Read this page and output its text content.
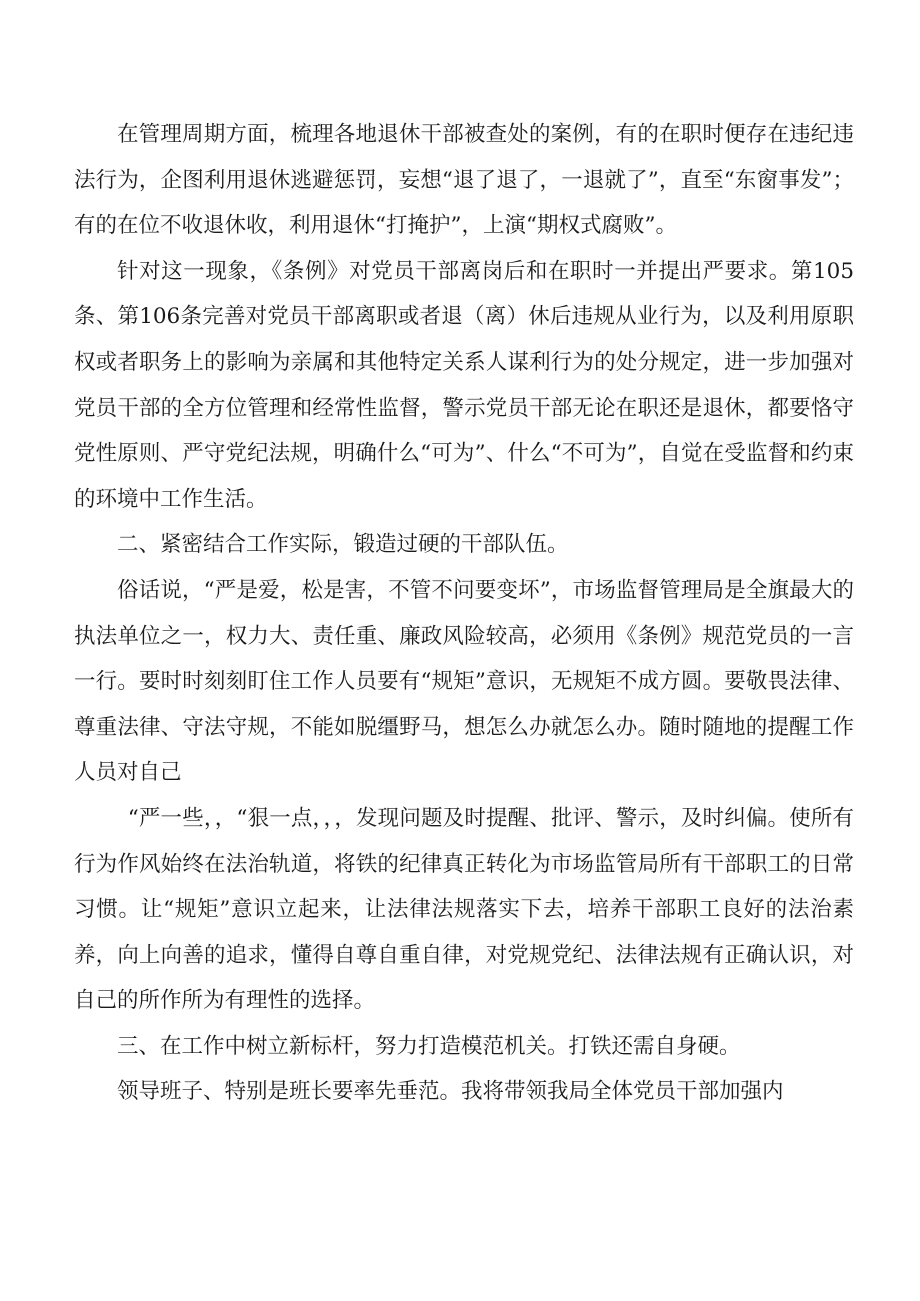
在管理周期方面，梳理各地退休干部被查处的案例，有的在职时便存在违纪违法行为，企图利用退休逃避惩罚，妄想“退了退了，一退就了”，直至“东窗事发”；有的在位不收退休收，利用退休“打掩护”，上演“期权式腐败”。

针对这一现象，《条例》对党员干部离岗后和在职时一并提出严要求。第105条、第106条完善对党员干部离职或者退（离）休后违规从业行为，以及利用原职权或者职务上的影响为亲属和其他特定关系人谋利行为的处分规定，进一步加强对党员干部的全方位管理和经常性监督，警示党员干部无论在职还是退休，都要恪守党性原则、严守党纪法规，明确什么“可为”、什么“不可为”，自觉在受监督和约束的环境中工作生活。

二、紧密结合工作实际，锻造过硬的干部队伍。

俗话说，“严是爱，松是害，不管不问要变坏”，市场监督管理局是全旗最大的执法单位之一，权力大、责任重、廉政风险较高，必须用《条例》规范党员的一言一行。要时时刻刻盯住工作人员要有“规矩”意识，无规矩不成方圆。要敬畏法律、尊重法律、守法守规，不能如脱缰野马，想怎么办就怎么办。随时随地的提醒工作人员对自己

“严一些，，“狠一点，，，发现问题及时提醒、批评、警示，及时纠偏。使所有行为作风始终在法治轨道，将铁的纪律真正转化为市场监管局所有干部职工的日常习惯。让“规矩”意识立起来，让法律法规落实下去，培养干部职工良好的法治素养，向上向善的追求，懂得自尊自重自律，对党规党纪、法律法规有正确认识，对自己的所作所为有理性的选择。

三、在工作中树立新标杆，努力打造模范机关。打铁还需自身硬。

领导班子、特别是班长要率先垂范。我将带领我局全体党员干部加强内
